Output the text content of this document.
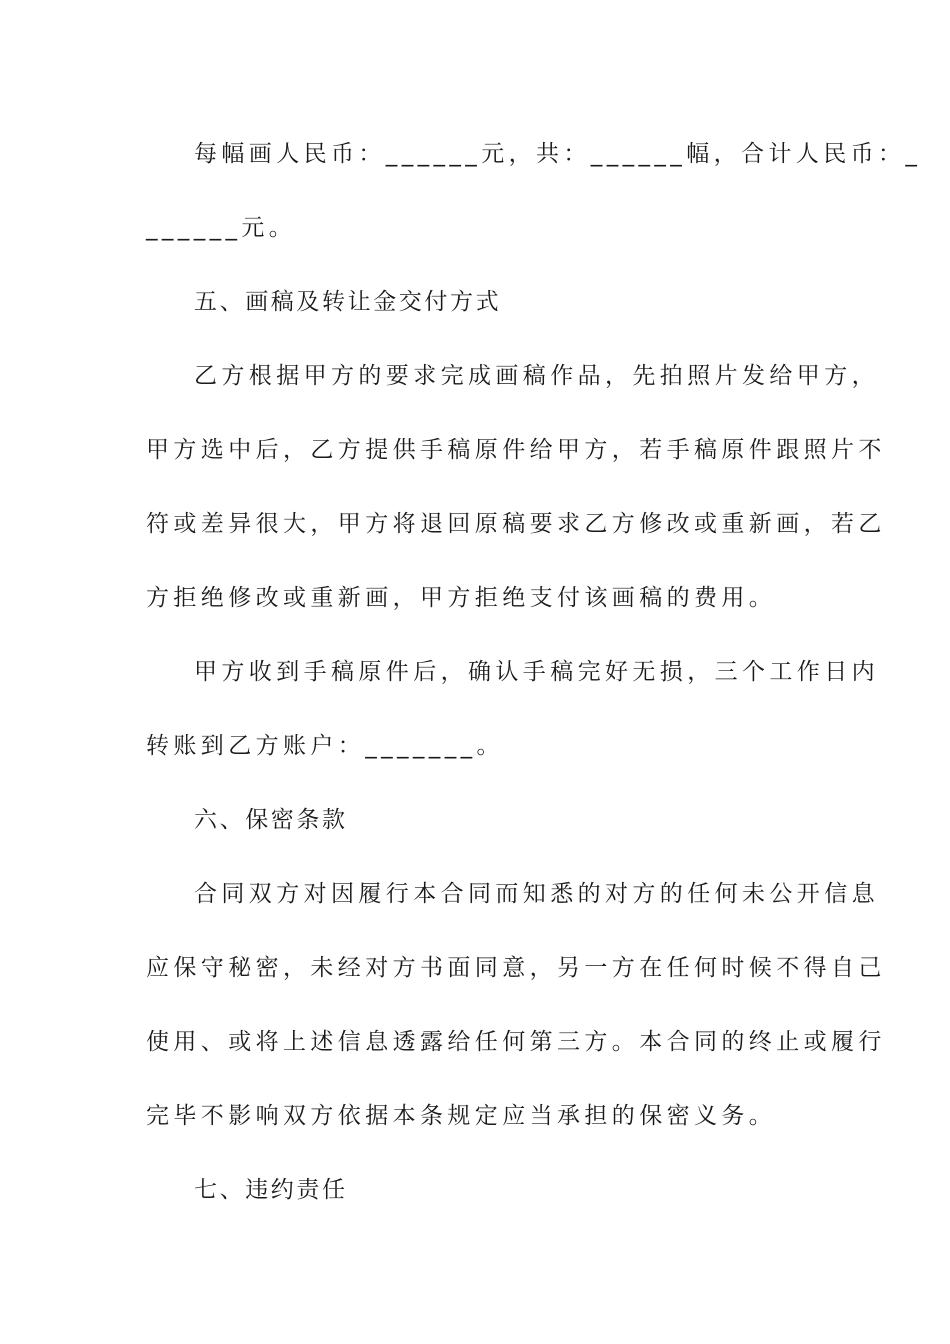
每幅画人民币：______元，共：______幅，合计人民币：_
______元。
五、画稿及转让金交付方式
乙方根据甲方的要求完成画稿作品，先拍照片发给甲方，
甲方选中后，乙方提供手稿原件给甲方，若手稿原件跟照片不
符或差异很大，甲方将退回原稿要求乙方修改或重新画，若乙
方拒绝修改或重新画，甲方拒绝支付该画稿的费用。
甲方收到手稿原件后，确认手稿完好无损，三个工作日内
转账到乙方账户：_______。
六、保密条款
合同双方对因履行本合同而知悉的对方的任何未公开信息
应保守秘密，未经对方书面同意，另一方在任何时候不得自己
使用、或将上述信息透露给任何第三方。本合同的终止或履行
完毕不影响双方依据本条规定应当承担的保密义务。
七、违约责任
